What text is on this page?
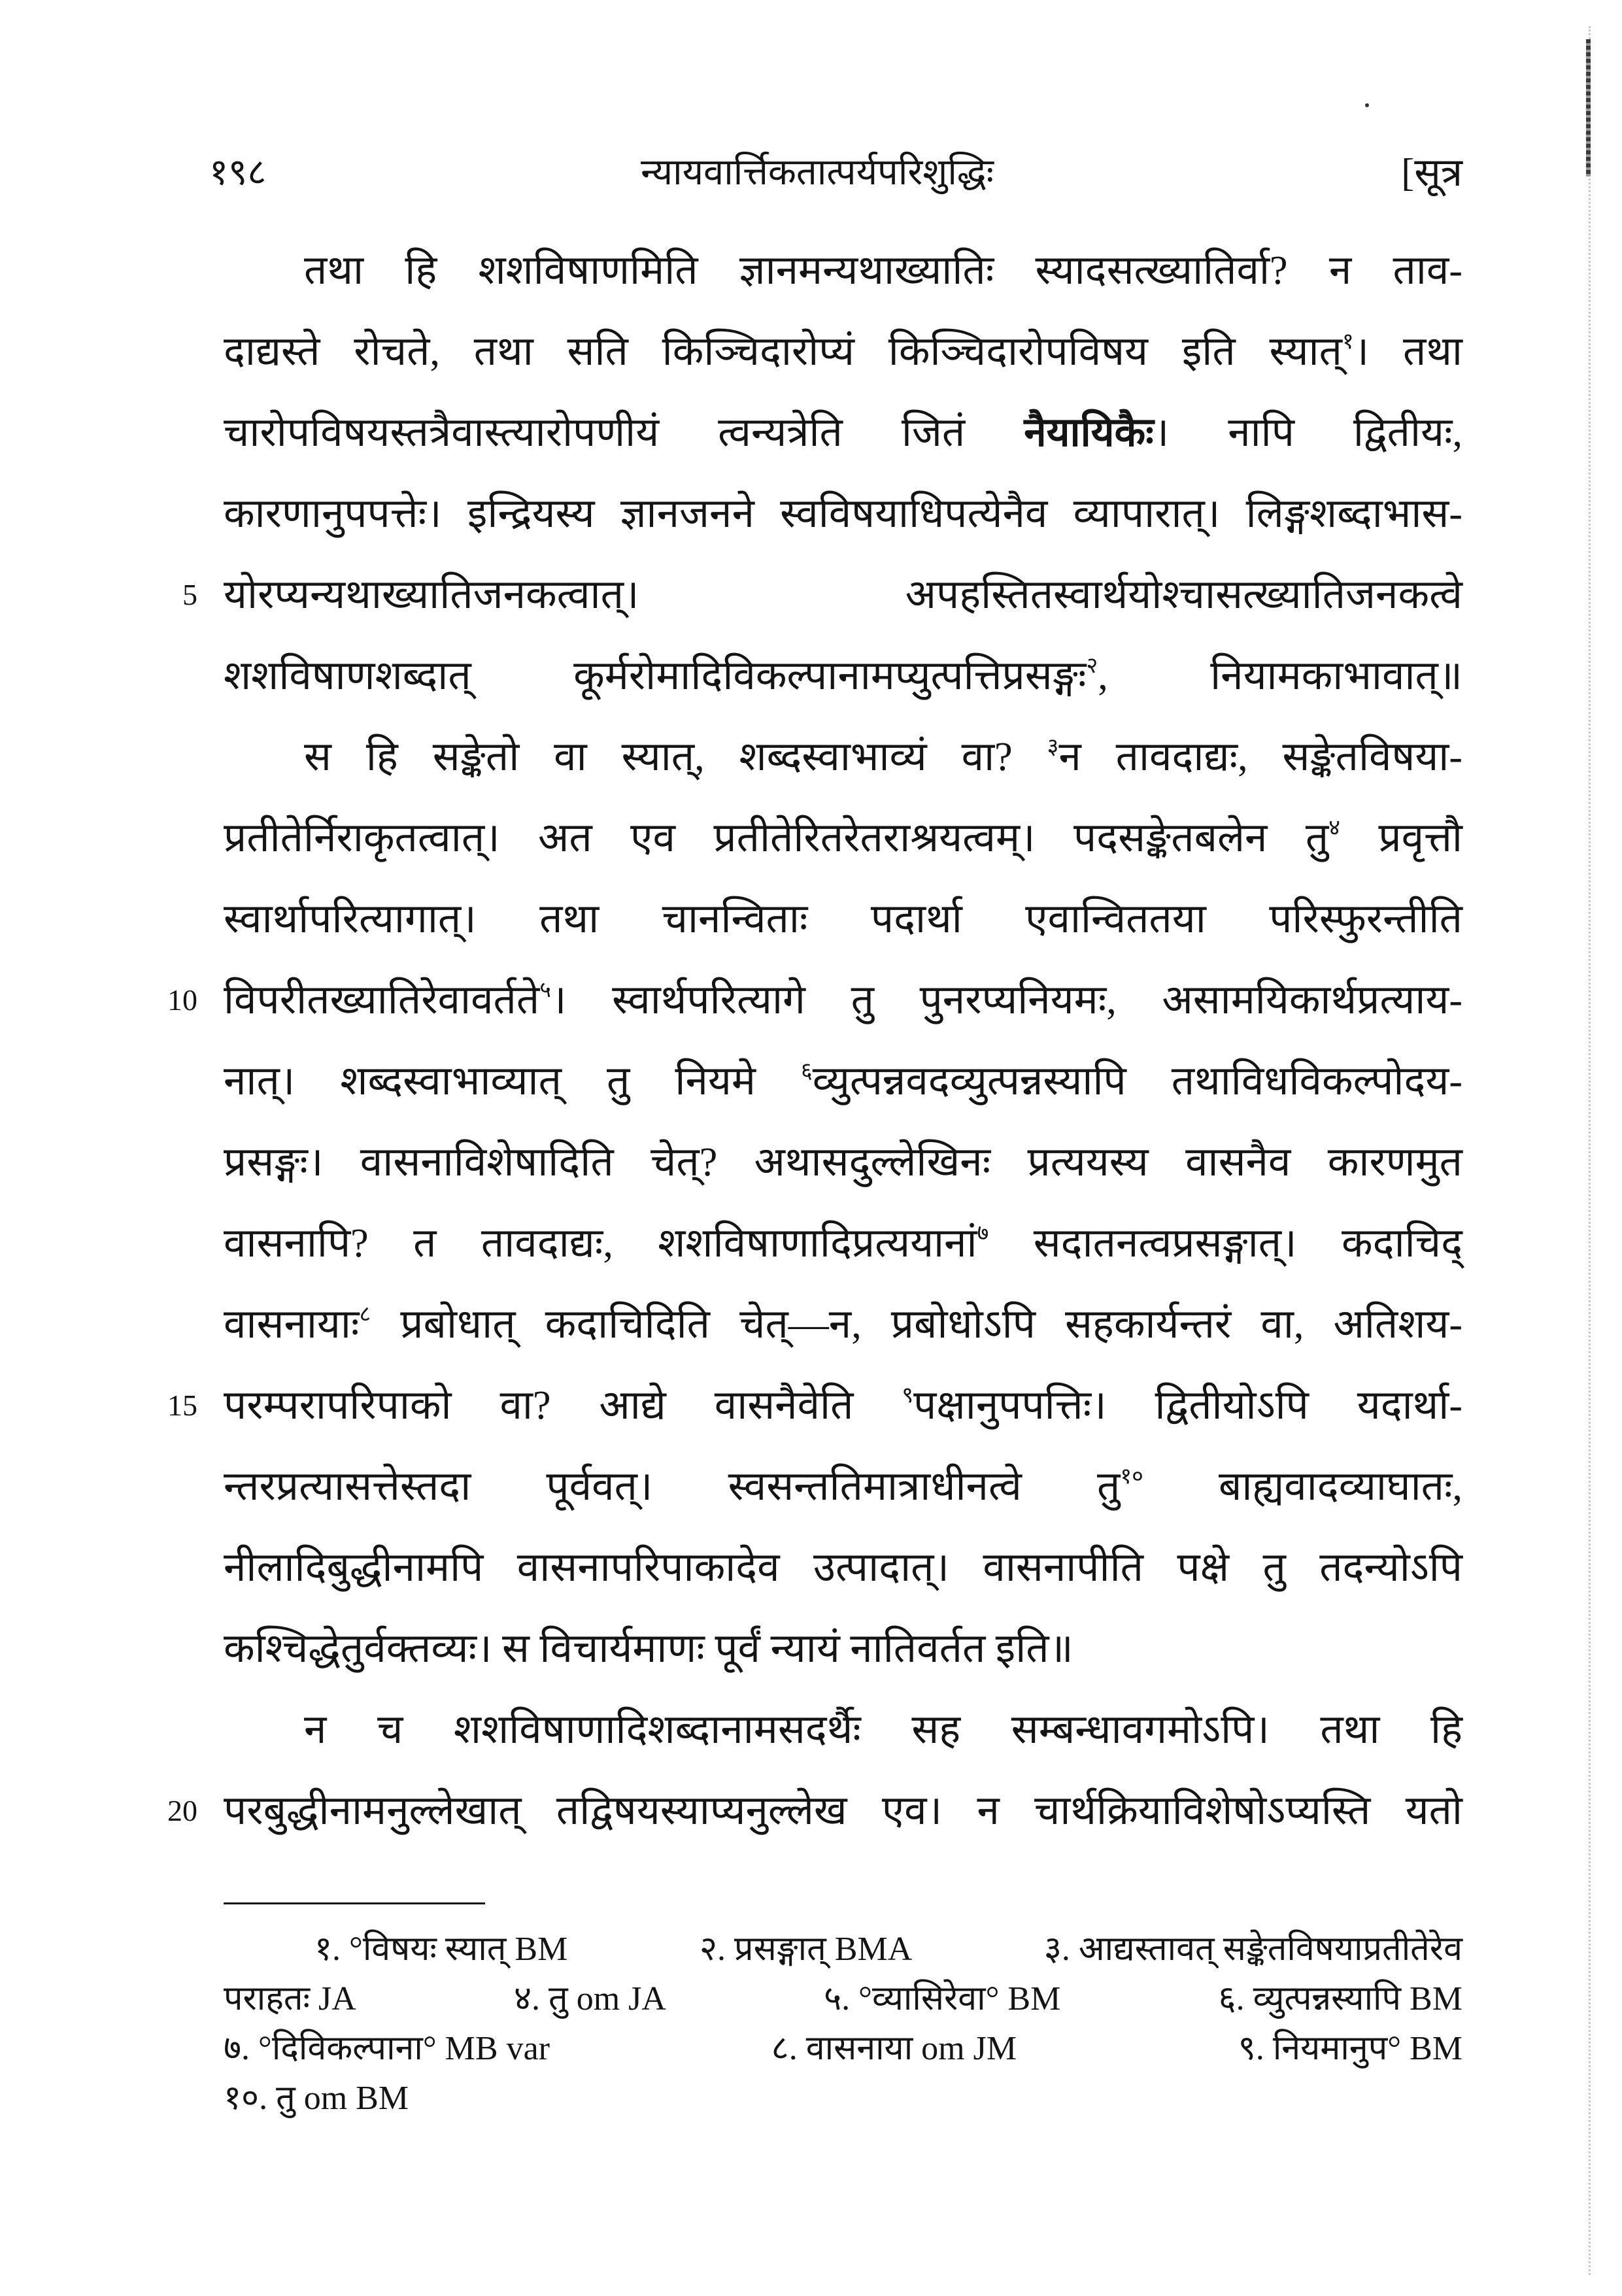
१९८	न्यायवार्त्तिकतात्पर्यपरिशुद्धिः	[सूत्र
तथा हि शशविषाणमिति ज्ञानमन्यथाख्यातिः स्यादसत्ख्यातिर्वा? न ताव-
दाद्यस्ते रोचते, तथा सति किञ्चिदारोप्यं किञ्चिदारोपविषय इति स्यात्$^१$। तथा
चारोपविषयस्तत्रैवास्त्यारोपणीयं त्वन्यत्रेति जितं नैयायिकैः। नापि द्वितीयः,
कारणानुपपत्तेः। इन्द्रियस्य ज्ञानजनने स्वविषयाधिपत्येनैव व्यापारात्। लिङ्गशब्दाभास-
5 योरप्यन्यथाख्यातिजनकत्वात्। अपहस्तितस्वार्थयोश्चासत्ख्यातिजनकत्वे
शशविषाणशब्दात् कूर्मरोमादिविकल्पानामप्युत्पत्तिप्रसङ्गः$^२$, नियामकाभावात्॥
स हि सङ्केतो वा स्यात्, शब्दस्वाभाव्यं वा? $^३$न तावदाद्यः, सङ्केतविषया-
प्रतीतेर्निराकृतत्वात्। अत एव प्रतीतेरितरेतराश्रयत्वम्। पदसङ्केतबलेन तु$^४$ प्रवृत्तौ
स्वार्थापरित्यागात्। तथा चानन्विताः पदार्था एवान्विततया परिस्फुरन्तीति
10 विपरीतख्यातिरेवावर्तते$^५$। स्वार्थपरित्यागे तु पुनरप्यनियमः, असामयिकार्थप्रत्याय-
नात्। शब्दस्वाभाव्यात् तु नियमे $^६$व्युत्पन्नवदव्युत्पन्नस्यापि तथाविधविकल्पोदय-
प्रसङ्गः। वासनाविशेषादिति चेत्? अथासदुल्लेखिनः प्रत्ययस्य वासनैव कारणमुत
वासनापि? त तावदाद्यः, शशविषाणादिप्रत्ययानां$^७$ सदातनत्वप्रसङ्गात्। कदाचिद्
वासनायाः$^८$ प्रबोधात् कदाचिदिति चेत्—न, प्रबोधोऽपि सहकार्यन्तरं वा, अतिशय-
15 परम्परापरिपाको वा? आद्ये वासनैवेति $^९$पक्षानुपपत्तिः। द्वितीयोऽपि यदार्था-
न्तरप्रत्यासत्तेस्तदा पूर्ववत्। स्वसन्ततिमात्राधीनत्वे तु$^{१०}$ बाह्यवादव्याघातः,
नीलादिबुद्धीनामपि वासनापरिपाकादेव उत्पादात्। वासनापीति पक्षे तु तदन्योऽपि
कश्चिद्धेतुर्वक्तव्यः। स विचार्यमाणः पूर्वं न्यायं नातिवर्तत इति॥
न च शशविषाणादिशब्दानामसदर्थैः सह सम्बन्धावगमोऽपि। तथा हि
20 परबुद्धीनामनुल्लेखात् तद्विषयस्याप्यनुल्लेख एव। न चार्थक्रियाविशेषोऽप्यस्ति यतो
१. °विषयः स्यात् BM	२. प्रसङ्गात् BMA	३. आद्यस्तावत् सङ्केतविषयाप्रतीतेरेव
पराहतः JA	४. तु om JA	५. °व्यासिरेवा° BM	६. व्युत्पन्नस्यापि BM
७. °दिविकल्पाना° MB var	८. वासनाया om JM	९. नियमानुप° BM
१०. तु om BM
